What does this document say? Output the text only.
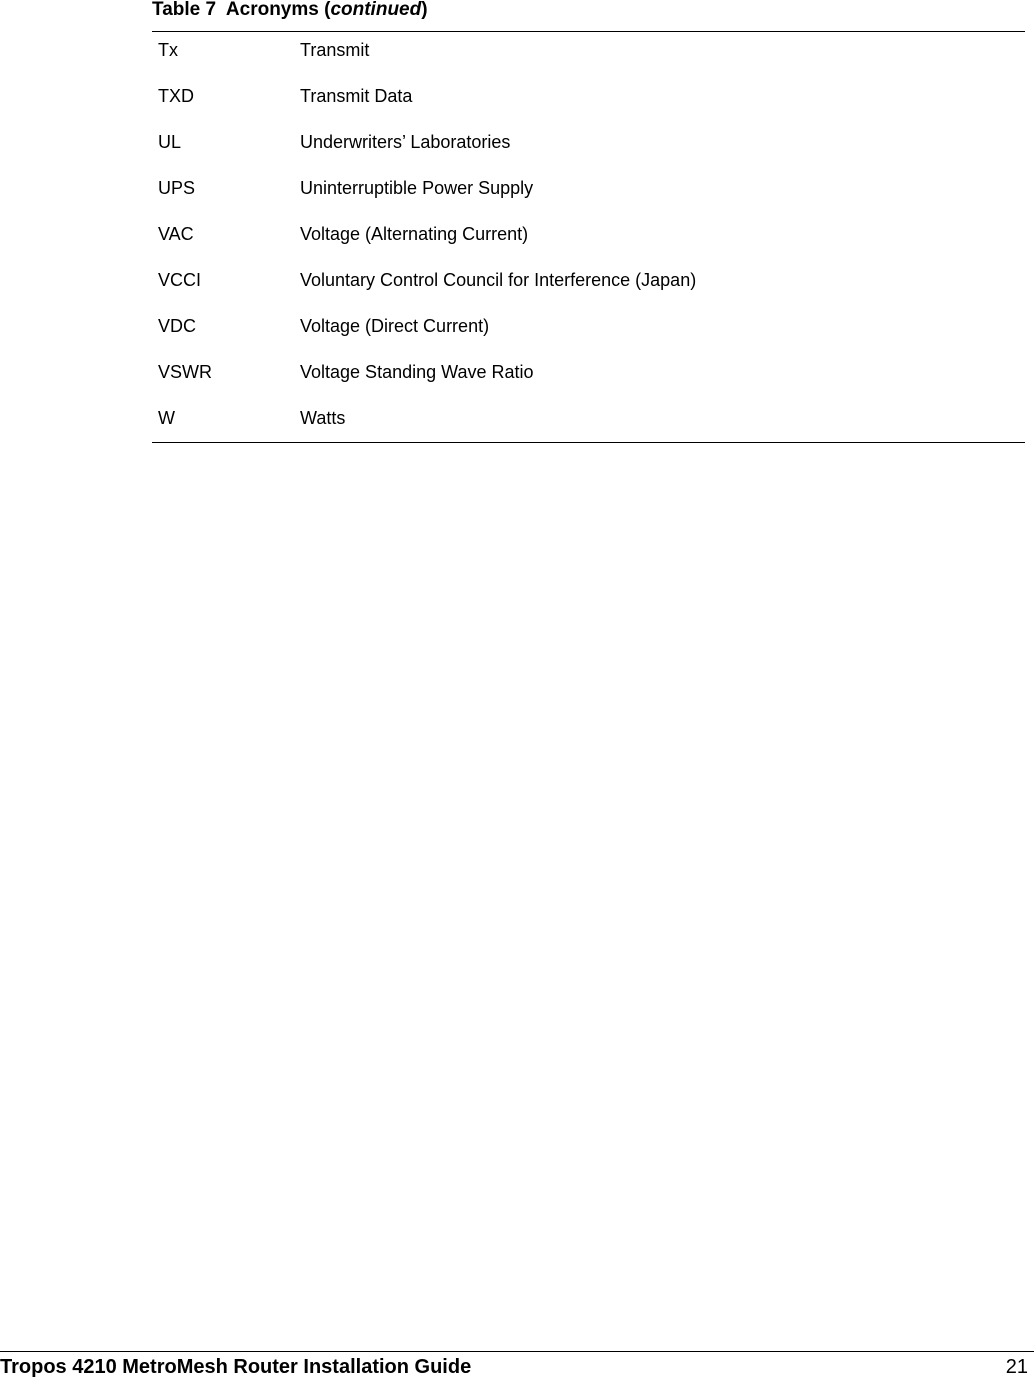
Table 7  Acronyms (continued)
Tx	Transmit
TXD	Transmit Data
UL	Underwriters’ Laboratories
UPS	Uninterruptible Power Supply
VAC	Voltage (Alternating Current)
VCCI	Voluntary Control Council for Interference (Japan)
VDC	Voltage (Direct Current)
VSWR	Voltage Standing Wave Ratio
W	Watts
Tropos 4210 MetroMesh Router Installation Guide	21
